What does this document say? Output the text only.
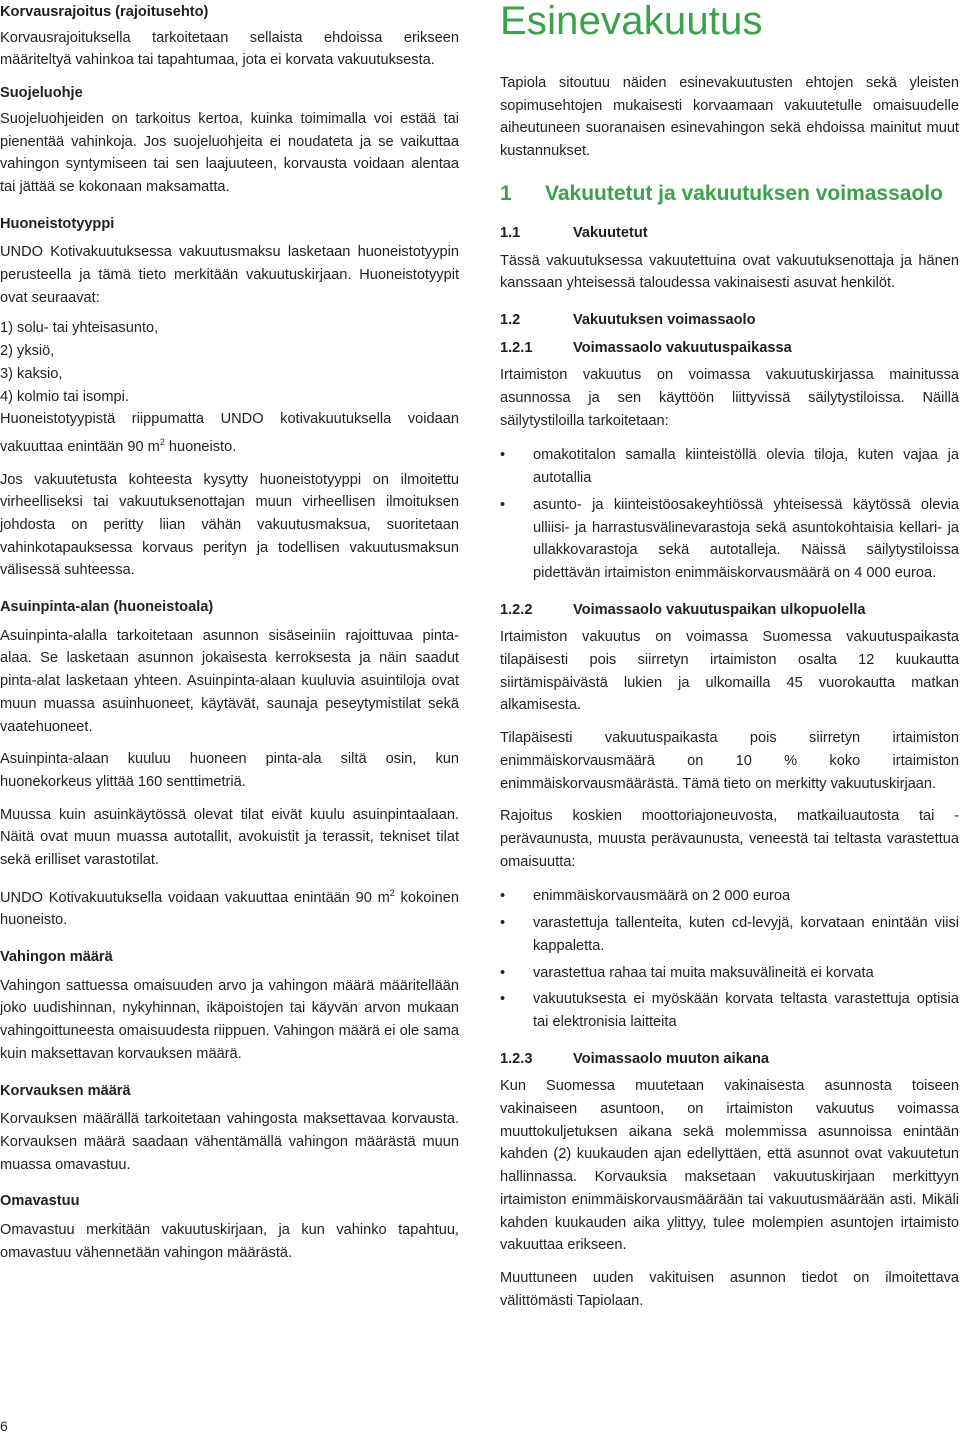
Korvausrajoitus (rajoitusehto)

Korvausrajoituksella tarkoitetaan sellaista ehdoissa erikseen määriteltyä vahinkoa tai tapahtumaa, jota ei korvata vakuutuksesta.

Suojeluohje

Suojeluohjeiden on tarkoitus kertoa, kuinka toimimalla voi estää tai pienentää vahinkoja. Jos suojeluohjeita ei noudateta ja se vaikuttaa vahingon syntymiseen tai sen laajuuteen, korvausta voidaan alentaa tai jättää se kokonaan maksamatta.

Huoneistotyyppi

UNDO Kotivakuutuksessa vakuutusmaksu lasketaan huoneistotyypin perusteella ja tämä tieto merkitään vakuutuskirjaan. Huoneistotyypit ovat seuraavat:

1) solu- tai yhteisasunto,
2) yksiö,
3) kaksio,
4) kolmio tai isompi.

Huoneistotyypistä riippumatta UNDO kotivakuutuksella voidaan vakuuttaa enintään 90 $m^2$ huoneisto.

Jos vakuutetusta kohteesta kysytty huoneistotyyppi on ilmoitettu virheelliseksi tai vakuutuksenottajan muun virheellisen ilmoituksen johdosta on peritty liian vähän vakuutusmaksua, suoritetaan vahinkotapauksessa korvaus perityn ja todellisen vakuutusmaksun välisessä suhteessa.

Asuinpinta-alan (huoneistoala)

Asuinpinta-alalla tarkoitetaan asunnon sisäseiniin rajoittuvaa pinta-alaa. Se lasketaan asunnon jokaisesta kerroksesta ja näin saadut pinta-alat lasketaan yhteen. Asuinpinta-alaan kuuluvia asuintiloja ovat muun muassa asuinhuoneet, käytävät, saunaja peseytymistilat sekä vaatehuoneet.

Asuinpinta-alaan kuuluu huoneen pinta-ala siltä osin, kun huonekorkeus ylittää 160 senttimetriä.

Muussa kuin asuinkäytössä olevat tilat eivät kuulu asuinpintaalaan. Näitä ovat muun muassa autotallit, avokuistit ja terassit, tekniset tilat sekä erilliset varastotilat.

UNDO Kotivakuutuksella voidaan vakuuttaa enintään 90 $m^2$ kokoinen huoneisto.

Vahingon määrä

Vahingon sattuessa omaisuuden arvo ja vahingon määrä määritellään joko uudishinnan, nykyhinnan, ikäpoistojen tai käyvän arvon mukaan vahingoittuneesta omaisuudesta riippuen. Vahingon määrä ei ole sama kuin maksettavan korvauksen määrä.

Korvauksen määrä

Korvauksen määrällä tarkoitetaan vahingosta maksettavaa korvausta. Korvauksen määrä saadaan vähentämällä vahingon määrästä muun muassa omavastuu.

Omavastuu

Omavastuu merkitään vakuutuskirjaan, ja kun vahinko tapahtuu, omavastuu vähennetään vahingon määrästä.

6
Esinevakuutus

Tapiola sitoutuu näiden esinevakuutusten ehtojen sekä yleisten sopimusehtojen mukaisesti korvaamaan vakuutetulle omaisuudelle aiheutuneen suoranaisen esinevahingon sekä ehdoissa mainitut muut kustannukset.

1	Vakuutetut ja vakuutuksen voimassaolo
1.1	Vakuutetut

Tässä vakuutuksessa vakuutettuina ovat vakuutuksenottaja ja hänen kanssaan yhteisessä taloudessa vakinaisesti asuvat henkilöt.

1.2	Vakuutuksen voimassaolo
1.2.1	Voimassaolo vakuutuspaikassa

Irtaimiston vakuutus on voimassa vakuutuskirjassa mainitussa asunnossa ja sen käyttöön liittyvissä säilytystiloissa. Näillä säilytystiloilla tarkoitetaan:

• omakotitalon samalla kiinteistöllä olevia tiloja, kuten vajaa ja autotallia
• asunto- ja kiinteistöosakeyhtiössä yhteisessä käytössä olevia ulliisi- ja harrastusvälinevarastoja sekä asuntokohtaisia kellari- ja ullakkovarastoja sekä autotalleja. Näissä säilytystiloissa pidettävän irtaimiston enimmäiskorvausmäärä on 4 000 euroa.
1.2.2	Voimassaolo vakuutuspaikan ulkopuolella

Irtaimiston vakuutus on voimassa Suomessa vakuutuspaikasta tilapäisesti pois siirretyn irtaimiston osalta 12 kuukautta siirtämispäivästä lukien ja ulkomailla 45 vuorokautta matkan alkamisesta.

Tilapäisesti vakuutuspaikasta pois siirretyn irtaimiston enimmäiskorvausmäärä on 10 % koko irtaimiston enimmäiskorvausmäärästä. Tämä tieto on merkitty vakuutuskirjaan.

Rajoitus koskien moottoriajoneuvosta, matkailuautosta tai -perävaunusta, muusta perävaunusta, veneestä tai teltasta varastettua omaisuutta:

• enimmäiskorvausmäärä on 2 000 euroa
• varastettuja tallenteita, kuten cd-levyjä, korvataan enintään viisi kappaletta.
• varastettua rahaa tai muita maksuvälineitä ei korvata
• vakuutuksesta ei myöskään korvata teltasta varastettuja optisia tai elektronisia laitteita
1.2.3	Voimassaolo muuton aikana

Kun Suomessa muutetaan vakinaisesta asunnosta toiseen vakinaiseen asuntoon, on irtaimiston vakuutus voimassa muuttokuljetuksen aikana sekä molemmissa asunnoissa enintään kahden (2) kuukauden ajan edellyttäen, että asunnot ovat vakuutetun hallinnassa. Korvauksia maksetaan vakuutuskirjaan merkittyyn irtaimiston enimmäiskorvausmäärään tai vakuutusmäärään asti. Mikäli kahden kuukauden aika ylittyy, tulee molempien asuntojen irtaimisto vakuuttaa erikseen.

Muuttuneen uuden vakituisen asunnon tiedot on ilmoitettava välittömästi Tapiolaan.
